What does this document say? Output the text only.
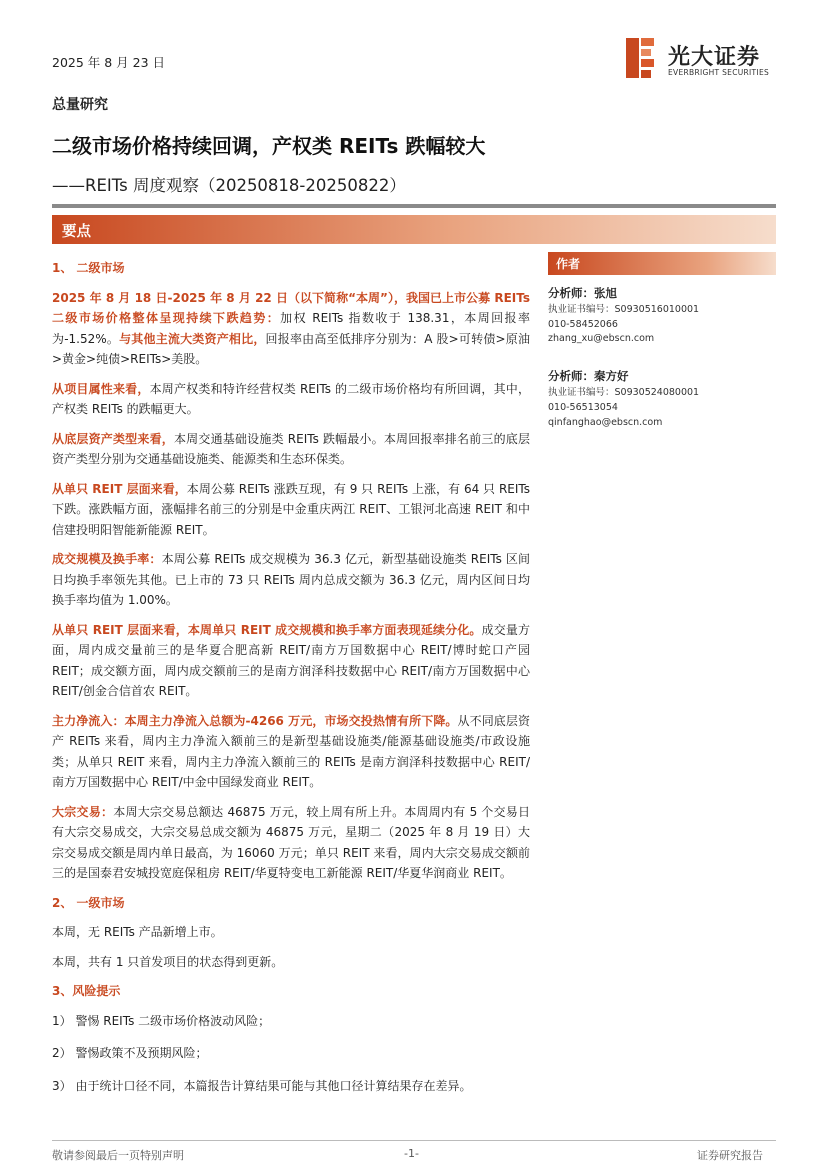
2025 年 8 月 23 日	光大证券
EVERBRIGHT SECURITIES
总量研究
二级市场价格持续回调，产权类 REITs 跌幅较大
——REITs 周度观察（20250818-20250822）
要点
1、 二级市场

2025 年 8 月 18 日-2025 年 8 月 22 日（以下简称“本周”），我国已上市公募 REITs 二级市场价格整体呈现持续下跌趋势：加权 REITs 指数收于 138.31，本周回报率为-1.52%。与其他主流大类资产相比，回报率由高至低排序分别为：A 股>可转债>原油>黄金>纯债>REITs>美股。

从项目属性来看，本周产权类和特许经营权类 REITs 的二级市场价格均有所回调，其中，产权类 REITs 的跌幅更大。

从底层资产类型来看，本周交通基础设施类 REITs 跌幅最小。本周回报率排名前三的底层资产类型分别为交通基础设施类、能源类和生态环保类。

从单只 REIT 层面来看，本周公募 REITs 涨跌互现，有 9 只 REITs 上涨，有 64 只 REITs 下跌。涨跌幅方面，涨幅排名前三的分别是中金重庆两江 REIT、工银河北高速 REIT 和中信建投明阳智能新能源 REIT。

成交规模及换手率：本周公募 REITs 成交规模为 36.3 亿元，新型基础设施类 REITs 区间日均换手率领先其他。已上市的 73 只 REITs 周内总成交额为 36.3 亿元，周内区间日均换手率均值为 1.00%。

从单只 REIT 层面来看，本周单只 REIT 成交规模和换手率方面表现延续分化。成交量方面，周内成交量前三的是华夏合肥高新 REIT/南方万国数据中心 REIT/博时蛇口产园 REIT；成交额方面，周内成交额前三的是南方润泽科技数据中心 REIT/南方万国数据中心 REIT/创金合信首农 REIT。

主力净流入：本周主力净流入总额为-4266 万元，市场交投热情有所下降。从不同底层资产 REITs 来看，周内主力净流入额前三的是新型基础设施类/能源基础设施类/市政设施类；从单只 REIT 来看，周内主力净流入额前三的 REITs 是南方润泽科技数据中心 REIT/南方万国数据中心 REIT/中金中国绿发商业 REIT。

大宗交易：本周大宗交易总额达 46875 万元，较上周有所上升。本周周内有 5 个交易日有大宗交易成交，大宗交易总成交额为 46875 万元，星期二（2025 年 8 月 19 日）大宗交易成交额是周内单日最高，为 16060 万元；单只 REIT 来看，周内大宗交易成交额前三的是国泰君安城投宽庭保租房 REIT/华夏特变电工新能源 REIT/华夏华润商业 REIT。

2、 一级市场

本周，无 REITs 产品新增上市。

本周，共有 1 只首发项目的状态得到更新。

3、风险提示

1） 警惕 REITs 二级市场价格波动风险；

2） 警惕政策不及预期风险；

3） 由于统计口径不同，本篇报告计算结果可能与其他口径计算结果存在差异。

作者
分析师：张旭
执业证书编号：S0930516010001
010-58452066
zhang_xu@ebscn.com
分析师：秦方好
执业证书编号：S0930524080001
010-56513054
qinfanghao@ebscn.com
敬请参阅最后一页特别声明	-1-	证券研究报告
